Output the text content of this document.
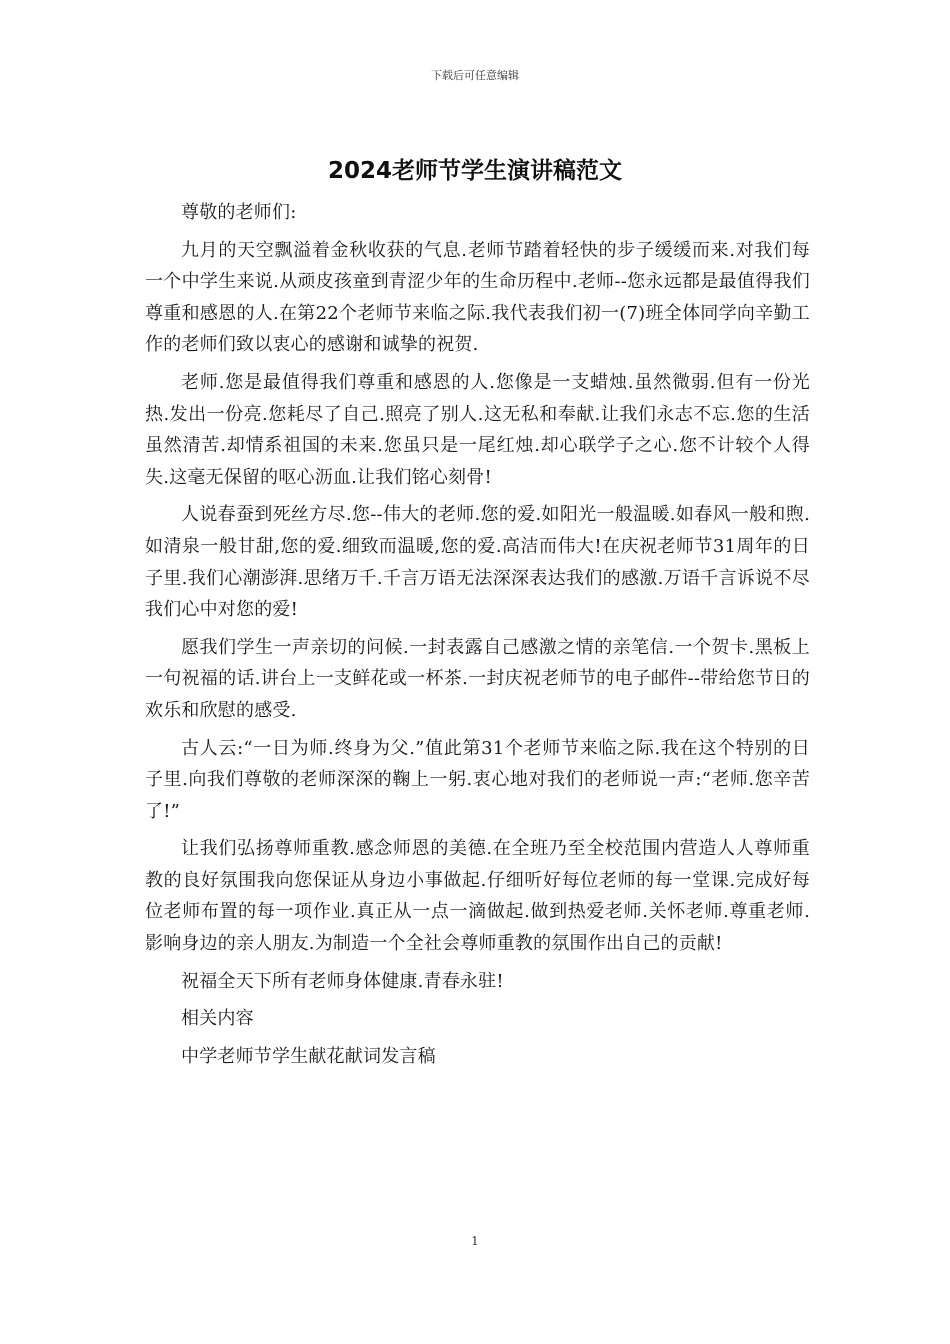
下载后可任意编辑
2024老师节学生演讲稿范文

尊敬的老师们:

九月的天空飘溢着金秋收获的气息.老师节踏着轻快的步子缓缓而来.对我们每一个中学生来说.从顽皮孩童到青涩少年的生命历程中.老师--您永远都是最值得我们尊重和感恩的人.在第22个老师节来临之际.我代表我们初一(7)班全体同学向辛勤工作的老师们致以衷心的感谢和诚挚的祝贺.

老师.您是最值得我们尊重和感恩的人.您像是一支蜡烛.虽然微弱.但有一份光热.发出一份亮.您耗尽了自己.照亮了别人.这无私和奉献.让我们永志不忘.您的生活虽然清苦.却情系祖国的未来.您虽只是一尾红烛.却心联学子之心.您不计较个人得失.这毫无保留的呕心沥血.让我们铭心刻骨!

人说春蚕到死丝方尽.您--伟大的老师.您的爱.如阳光一般温暖.如春风一般和煦.如清泉一般甘甜,您的爱.细致而温暖,您的爱.高洁而伟大!在庆祝老师节31周年的日子里.我们心潮澎湃.思绪万千.千言万语无法深深表达我们的感激.万语千言诉说不尽我们心中对您的爱!

愿我们学生一声亲切的问候.一封表露自己感激之情的亲笔信.一个贺卡.黑板上一句祝福的话.讲台上一支鲜花或一杯茶.一封庆祝老师节的电子邮件--带给您节日的欢乐和欣慰的感受.

古人云:“一日为师.终身为父.”值此第31个老师节来临之际.我在这个特别的日子里.向我们尊敬的老师深深的鞠上一躬.衷心地对我们的老师说一声:“老师.您辛苦了!”

让我们弘扬尊师重教.感念师恩的美德.在全班乃至全校范围内营造人人尊师重教的良好氛围我向您保证从身边小事做起.仔细听好每位老师的每一堂课.完成好每位老师布置的每一项作业.真正从一点一滴做起.做到热爱老师.关怀老师.尊重老师.影响身边的亲人朋友.为制造一个全社会尊师重教的氛围作出自己的贡献!

祝福全天下所有老师身体健康.青春永驻!

相关内容

中学老师节学生献花献词发言稿

1
